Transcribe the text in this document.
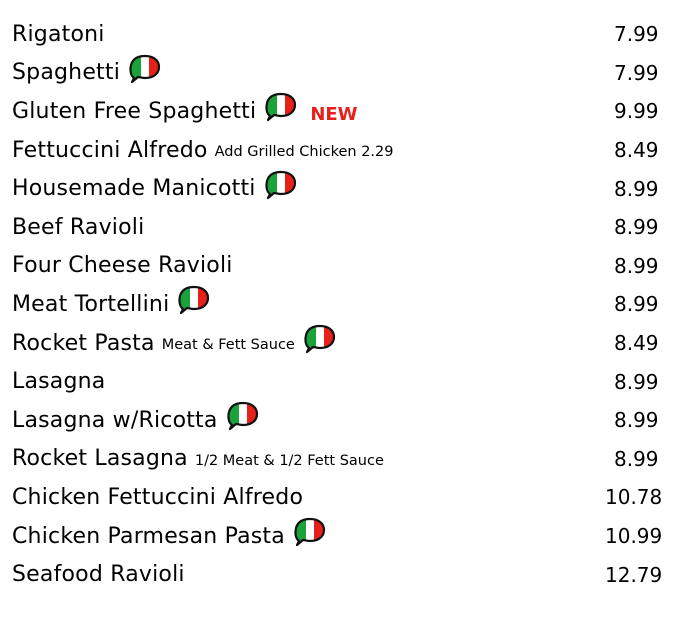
Rigatoni	7.99
Spaghetti	7.99
Gluten Free Spaghetti	NEW	9.99
Fettuccini Alfredo Add Grilled Chicken 2.29	8.49
Housemade Manicotti	8.99
Beef Ravioli	8.99
Four Cheese Ravioli	8.99
Meat Tortellini	8.99
Rocket Pasta Meat & Fett Sauce	8.49
Lasagna	8.99
Lasagna w/Ricotta	8.99
Rocket Lasagna 1/2 Meat & 1/2 Fett Sauce	8.99
Chicken Fettuccini Alfredo	10.78
Chicken Parmesan Pasta	10.99
Seafood Ravioli	12.79
